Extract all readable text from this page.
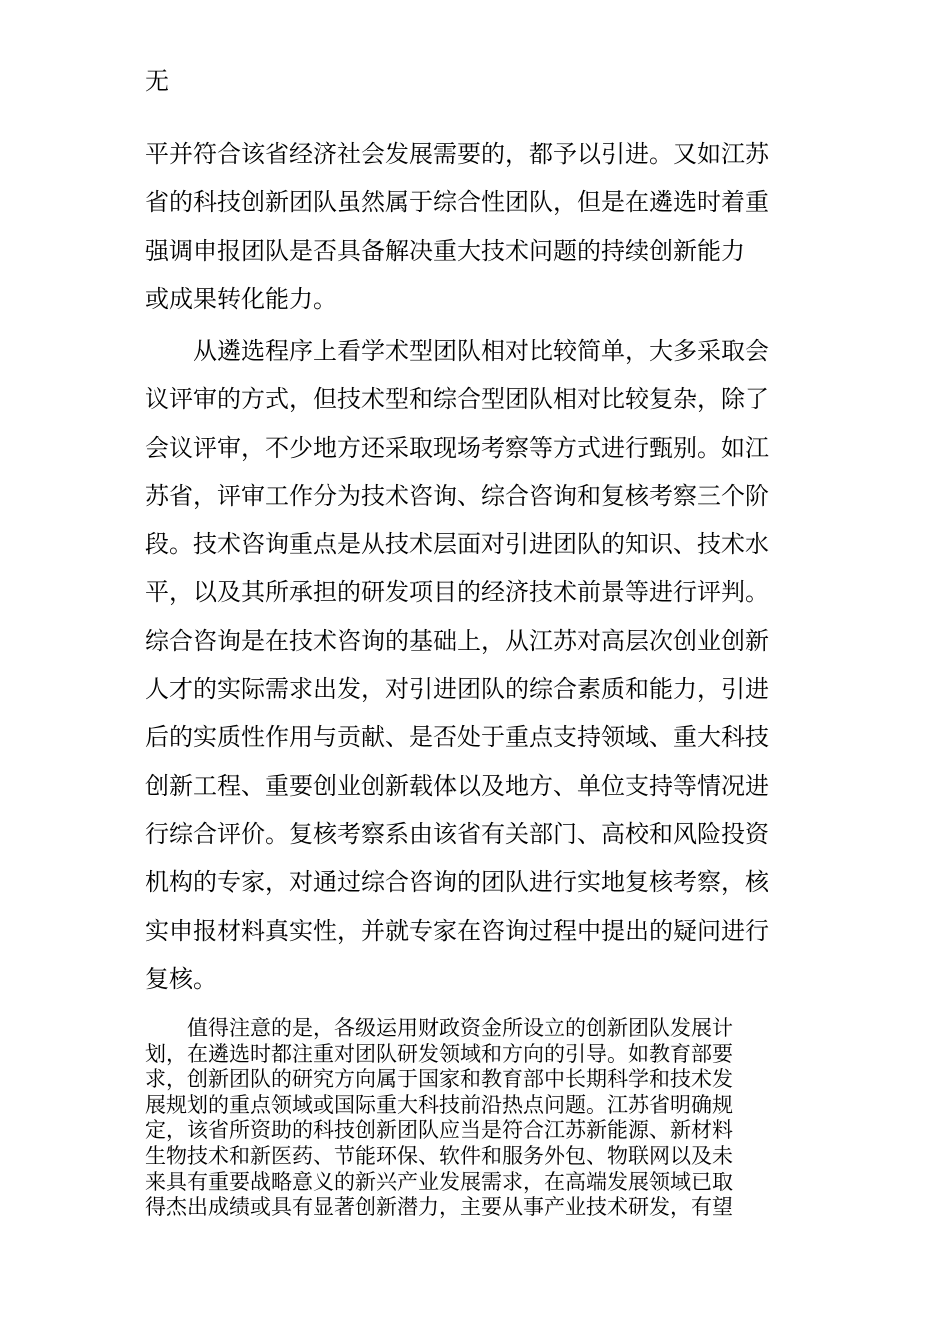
无

平并符合该省经济社会发展需要的，都予以引进。又如江苏
省的科技创新团队虽然属于综合性团队，但是在遴选时着重
强调申报团队是否具备解决重大技术问题的持续创新能力
或成果转化能力。
从遴选程序上看学术型团队相对比较简单，大多采取会
议评审的方式，但技术型和综合型团队相对比较复杂，除了
会议评审，不少地方还采取现场考察等方式进行甄别。如江
苏省，评审工作分为技术咨询、综合咨询和复核考察三个阶
段。技术咨询重点是从技术层面对引进团队的知识、技术水
平，以及其所承担的研发项目的经济技术前景等进行评判。
综合咨询是在技术咨询的基础上，从江苏对高层次创业创新
人才的实际需求出发，对引进团队的综合素质和能力，引进
后的实质性作用与贡献、是否处于重点支持领域、重大科技
创新工程、重要创业创新载体以及地方、单位支持等情况进
行综合评价。复核考察系由该省有关部门、高校和风险投资
机构的专家，对通过综合咨询的团队进行实地复核考察，核
实申报材料真实性，并就专家在咨询过程中提出的疑问进行
复核。
值得注意的是，各级运用财政资金所设立的创新团队发展计
划，在遴选时都注重对团队研发领域和方向的引导。如教育部要
求，创新团队的研究方向属于国家和教育部中长期科学和技术发
展规划的重点领域或国际重大科技前沿热点问题。江苏省明确规
定，该省所资助的科技创新团队应当是符合江苏新能源、新材料
生物技术和新医药、节能环保、软件和服务外包、物联网以及未
来具有重要战略意义的新兴产业发展需求，在高端发展领域已取
得杰出成绩或具有显著创新潜力，主要从事产业技术研发，有望
